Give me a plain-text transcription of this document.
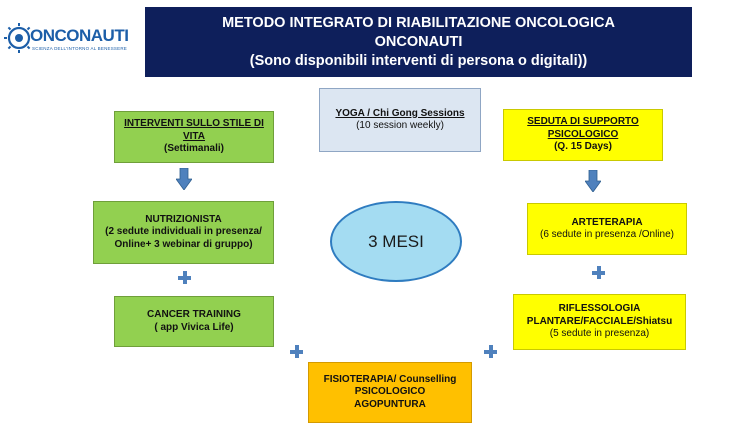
ONCONAUTI
SCIENZA DELL'INTORNO AL BENESSERE
METODO INTEGRATO DI RIABILITAZIONE ONCOLOGICA
ONCONAUTI
(Sono disponibili interventi di persona o digitali))
INTERVENTI SULLO STILE DI VITA
(Settimanali)
NUTRIZIONISTA
(2 sedute individuali in presenza/ Online+ 3 webinar di gruppo)
CANCER TRAINING
( app Vivica Life)
YOGA / Chi Gong Sessions
(10 session weekly)
3 MESI
FISIOTERAPIA/ Counselling
PSICOLOGICO
AGOPUNTURA
SEDUTA DI SUPPORTO PSICOLOGICO
(Q. 15 Days)
ARTETERAPIA
(6 sedute in presenza /Online)
RIFLESSOLOGIA PLANTARE/FACCIALE/Shiatsu
(5 sedute in presenza)
